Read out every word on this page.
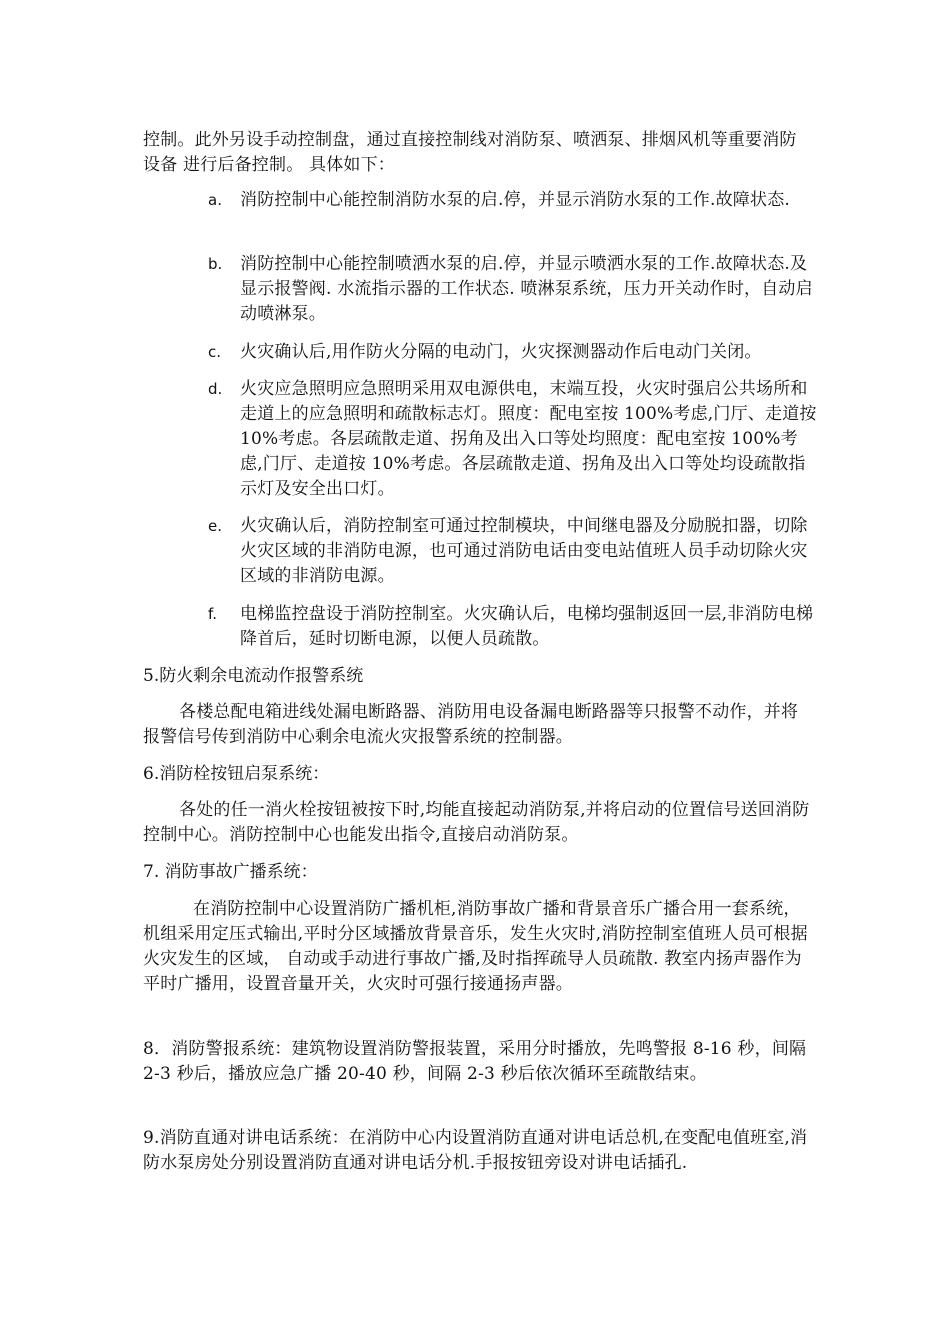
控制。此外另设手动控制盘，通过直接控制线对消防泵、喷洒泵、排烟风机等重要消防设备 进行后备控制。 具体如下：

a.	消防控制中心能控制消防水泵的启.停，并显示消防水泵的工作.故障状态.
b.	消防控制中心能控制喷洒水泵的启.停，并显示喷洒水泵的工作.故障状态.及显示报警阀. 水流指示器的工作状态. 喷淋泵系统，压力开关动作时，自动启动喷淋泵。
c.	火灾确认后,用作防火分隔的电动门，火灾探测器动作后电动门关闭。
d.	火灾应急照明应急照明采用双电源供电，末端互投，火灾时强启公共场所和走道上的应急照明和疏散标志灯。照度：配电室按 100%考虑,门厅、走道按 10%考虑。各层疏散走道、拐角及出入口等处均照度：配电室按 100%考虑,门厅、走道按 10%考虑。各层疏散走道、拐角及出入口等处均设疏散指示灯及安全出口灯。
e.	火灾确认后，消防控制室可通过控制模块，中间继电器及分励脱扣器，切除火灾区域的非消防电源，也可通过消防电话由变电站值班人员手动切除火灾区域的非消防电源。
f.	电梯监控盘设于消防控制室。火灾确认后，电梯均强制返回一层,非消防电梯降首后，延时切断电源，以便人员疏散。

5.防火剩余电流动作报警系统

各楼总配电箱进线处漏电断路器、消防用电设备漏电断路器等只报警不动作，并将报警信号传到消防中心剩余电流火灾报警系统的控制器。

6.消防栓按钮启泵系统：

各处的任一消火栓按钮被按下时,均能直接起动消防泵,并将启动的位置信号送回消防控制中心。消防控制中心也能发出指令,直接启动消防泵。

7. 消防事故广播系统：

在消防控制中心设置消防广播机柜,消防事故广播和背景音乐广播合用一套系统，机组采用定压式输出,平时分区域播放背景音乐，发生火灾时,消防控制室值班人员可根据火灾发生的区域， 自动或手动进行事故广播,及时指挥疏导人员疏散. 教室内扬声器作为平时广播用，设置音量开关，火灾时可强行接通扬声器。

8．消防警报系统：建筑物设置消防警报装置，采用分时播放，先鸣警报 8-16 秒，间隔 2-3 秒后，播放应急广播 20-40 秒，间隔 2-3 秒后依次循环至疏散结束。

9.消防直通对讲电话系统：在消防中心内设置消防直通对讲电话总机,在变配电值班室,消防水泵房处分别设置消防直通对讲电话分机.手报按钮旁设对讲电话插孔.
